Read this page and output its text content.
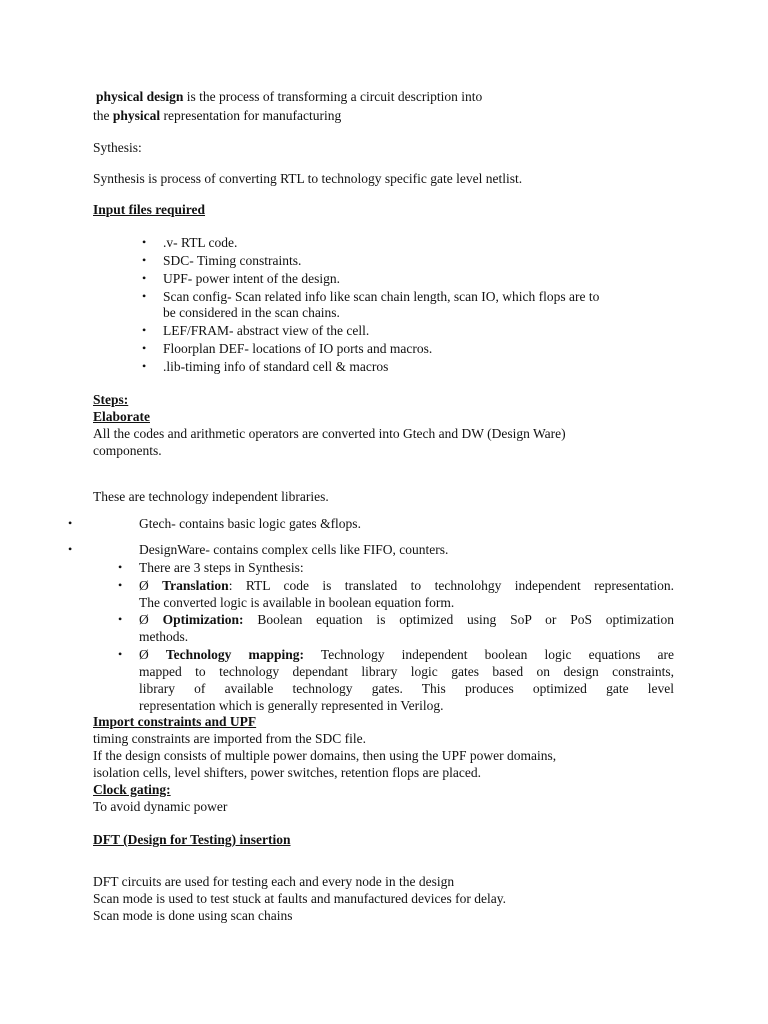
physical design is the process of transforming a circuit description into
the physical representation for manufacturing
Sythesis:
Synthesis is process of converting RTL to technology specific gate level netlist.
Input files required
• .v- RTL code.
• SDC- Timing constraints.
• UPF- power intent of the design.
• Scan config- Scan related info like scan chain length, scan IO, which flops are to
be considered in the scan chains.
• LEF/FRAM- abstract view of the cell.
• Floorplan DEF- locations of IO ports and macros.
• .lib-timing info of standard cell & macros
Steps:
Elaborate
All the codes and arithmetic operators are converted into Gtech and DW (Design Ware)
components.
These are technology independent libraries.
•	Gtech- contains basic logic gates &flops.
•	DesignWare- contains complex cells like FIFO, counters.
• There are 3 steps in Synthesis:
• Ø Translation: RTL code is translated to technolohgy independent representation.
The converted logic is available in boolean equation form.
• Ø Optimization: Boolean equation is optimized using SoP or PoS optimization
methods.
• Ø Technology mapping: Technology independent boolean logic equations are
mapped to technology dependant library logic gates based on design constraints,
library of available technology gates. This produces optimized gate level
representation which is generally represented in Verilog.
Import constraints and UPF
timing constraints are imported from the SDC file.
If the design consists of multiple power domains, then using the UPF power domains,
isolation cells, level shifters, power switches, retention flops are placed.
Clock gating:
To avoid dynamic power
DFT (Design for Testing) insertion
DFT circuits are used for testing each and every node in the design
Scan mode is used to test stuck at faults and manufactured devices for delay.
Scan mode is done using scan chains
